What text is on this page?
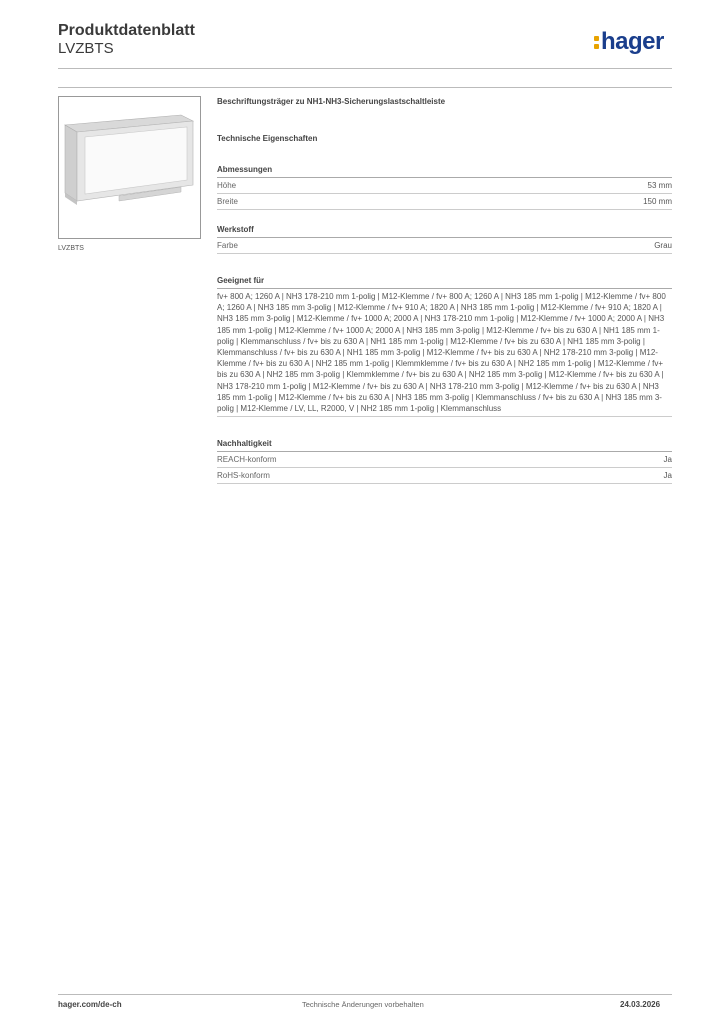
Produktdatenblatt
LVZBTS	hager
LVZBTS
Beschriftungsträger zu NH1-NH3-Sicherungslastschaltleiste
Technische Eigenschaften
Abmessungen
Höhe	53 mm
Breite	150 mm
Werkstoff
Farbe	Grau
Geeignet für
fv+ 800 A; 1260 A | NH3 178-210 mm 1-polig | M12-Klemme / fv+ 800 A; 1260 A | NH3 185 mm 1-polig | M12-Klemme / fv+ 800 A; 1260 A | NH3 185 mm 3-polig | M12-Klemme / fv+ 910 A; 1820 A | NH3 185 mm 1-polig | M12-Klemme / fv+ 910 A; 1820 A | NH3 185 mm 3-polig | M12-Klemme / fv+ 1000 A; 2000 A | NH3 178-210 mm 1-polig | M12-Klemme / fv+ 1000 A; 2000 A | NH3 185 mm 1-polig | M12-Klemme / fv+ 1000 A; 2000 A | NH3 185 mm 3-polig | M12-Klemme / fv+ bis zu 630 A | NH1 185 mm 1-polig | Klemmanschluss / fv+ bis zu 630 A | NH1 185 mm 1-polig | M12-Klemme / fv+ bis zu 630 A | NH1 185 mm 3-polig | Klemmanschluss / fv+ bis zu 630 A | NH1 185 mm 3-polig | M12-Klemme / fv+ bis zu 630 A | NH2 178-210 mm 3-polig | M12-Klemme / fv+ bis zu 630 A | NH2 185 mm 1-polig | Klemmklemme / fv+ bis zu 630 A | NH2 185 mm 1-polig | M12-Klemme / fv+ bis zu 630 A | NH2 185 mm 3-polig | Klemmklemme / fv+ bis zu 630 A | NH2 185 mm 3-polig | M12-Klemme / fv+ bis zu 630 A | NH3 178-210 mm 1-polig | M12-Klemme / fv+ bis zu 630 A | NH3 178-210 mm 3-polig | M12-Klemme / fv+ bis zu 630 A | NH3 185 mm 1-polig | M12-Klemme / fv+ bis zu 630 A | NH3 185 mm 3-polig | Klemmanschluss / fv+ bis zu 630 A | NH3 185 mm 3-polig | M12-Klemme / LV, LL, R2000, V | NH2 185 mm 1-polig | Klemmanschluss
Nachhaltigkeit
REACH-konform	Ja
RoHS-konform	Ja
hager.com/de-ch	Technische Änderungen vorbehalten	24.03.2026
